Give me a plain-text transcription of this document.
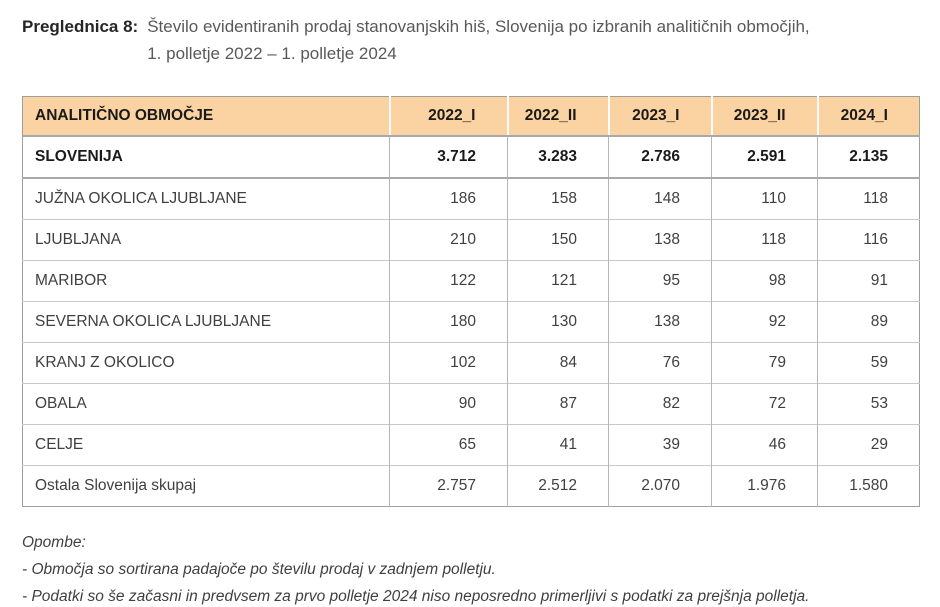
Preglednica 8: Število evidentiranih prodaj stanovanjskih hiš, Slovenija po izbranih analitičnih območjih,
1. polletje 2022 – 1. polletje 2024
ANALITIČNO OBMOČJE	2022_I	2022_II	2023_I	2023_II	2024_I
SLOVENIJA	3.712	3.283	2.786	2.591	2.135
JUŽNA OKOLICA LJUBLJANE	186	158	148	110	118
LJUBLJANA	210	150	138	118	116
MARIBOR	122	121	95	98	91
SEVERNA OKOLICA LJUBLJANE	180	130	138	92	89
KRANJ Z OKOLICO	102	84	76	79	59
OBALA	90	87	82	72	53
CELJE	65	41	39	46	29
Ostala Slovenija skupaj	2.757	2.512	2.070	1.976	1.580
Opombe:
- Območja so sortirana padajoče po številu prodaj v zadnjem polletju.
- Podatki so še začasni in predvsem za prvo polletje 2024 niso neposredno primerljivi s podatki za prejšnja polletja.
